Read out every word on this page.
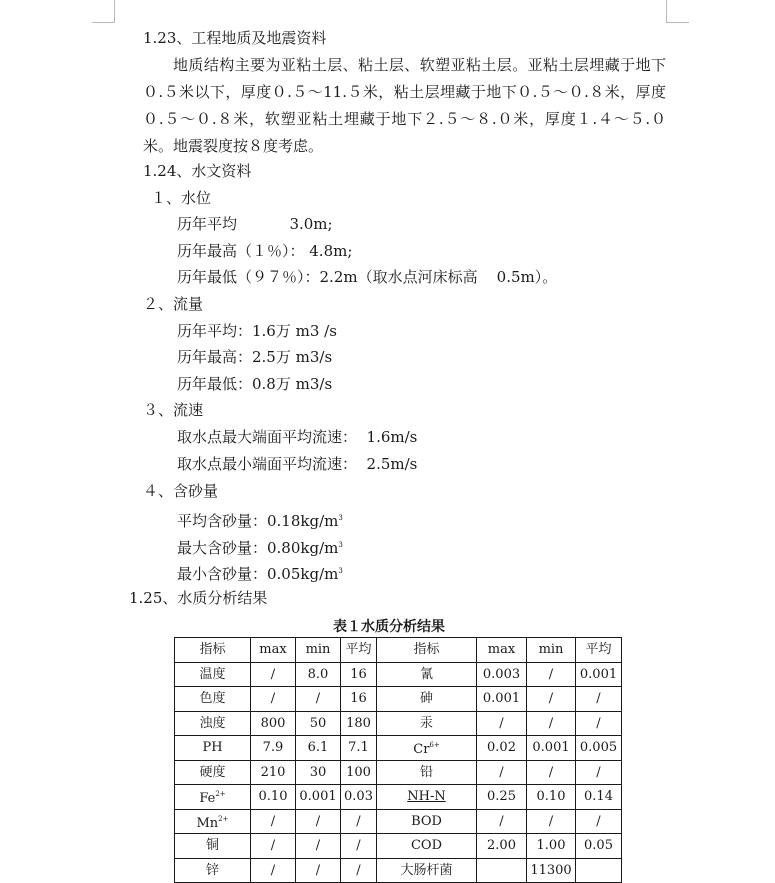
1.23、工程地质及地震资料
地质结构主要为亚粘土层、粘土层、软塑亚粘土层。亚粘土层埋藏于地下０.５米以下，厚度０.５～11.５米，粘土层埋藏于地下０.５～０.８米，厚度０.５～０.８米，软塑亚粘土埋藏于地下２.５～８.０米，厚度１.４～５.０米。地震裂度按８度考虑。
1.24、水文资料
１、水位
历年平均           3.0m;
历年最高（１％）： 4.8m;
历年最低（９７％）：2.2m（取水点河床标高    0.5m）。
２、流量
历年平均：1.6万 m3 /s
历年最高：2.5万 m3/s
历年最低：0.8万 m3/s
３、流速
取水点最大端面平均流速：  1.6m/s
取水点最小端面平均流速：  2.5m/s
４、含砂量
平均含砂量：$0.18kg/m^3$
最大含砂量：$0.80kg/m^3$
最小含砂量：$0.05kg/m^3$
1.25、水质分析结果
表１水质分析结果
指标	max	min	平均	指标	max	min	平均
温度	/	8.0	16	氰	0.003	/	0.001
色度	/	/	16	砷	0.001	/	/
浊度	800	50	180	汞	/	/	/
PH	7.9	6.1	7.1	$Cr^{6+}$	0.02	0.001	0.005
硬度	210	30	100	铅	/	/	/
$Fe^{2+}$	0.10	0.001	0.03	NH-N	0.25	0.10	0.14
$Mn^{2+}$	/	/	/	BOD	/	/	/
铜	/	/	/	COD	2.00	1.00	0.05
锌	/	/	/	大肠杆菌		11300	
